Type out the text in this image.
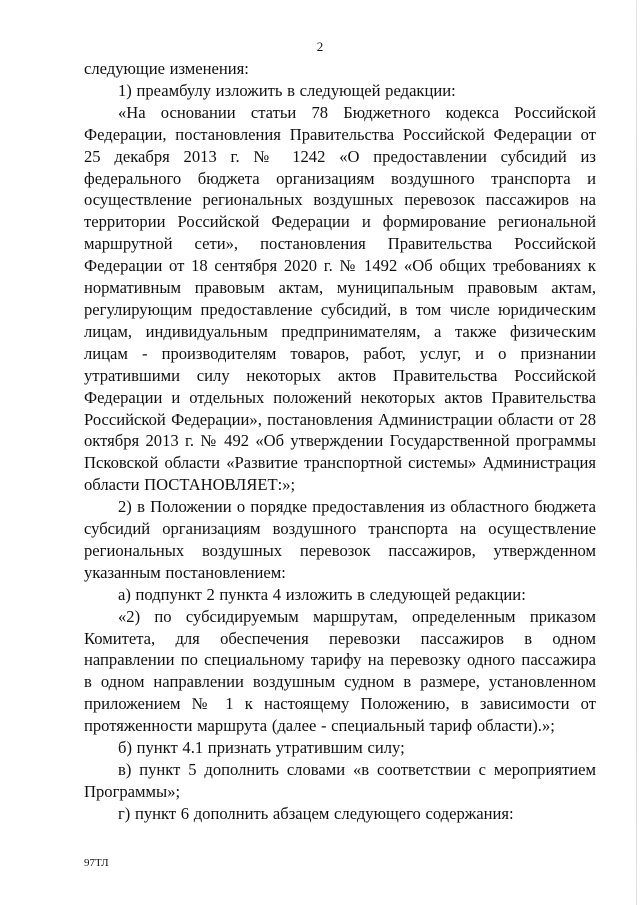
2

следующие изменения:

1) преамбулу изложить в следующей редакции:

«На основании статьи 78 Бюджетного кодекса Российской Федерации, постановления Правительства Российской Федерации от 25 декабря 2013 г. № 1242 «О предоставлении субсидий из федерального бюджета организациям воздушного транспорта и осуществление региональных воздушных перевозок пассажиров на территории Российской Федерации и формирование региональной маршрутной сети», постановления Правительства Российской Федерации от 18 сентября 2020 г. № 1492 «Об общих требованиях к нормативным правовым актам, муниципальным правовым актам, регулирующим предоставление субсидий, в том числе юридическим лицам, индивидуальным предпринимателям, а также физическим лицам - производителям товаров, работ, услуг, и о признании утратившими силу некоторых актов Правительства Российской Федерации и отдельных положений некоторых актов Правительства Российской Федерации», постановления Администрации области от 28 октября 2013 г. № 492 «Об утверждении Государственной программы Псковской области «Развитие транспортной системы» Администрация области ПОСТАНОВЛЯЕТ:»;

2) в Положении о порядке предоставления из областного бюджета субсидий организациям воздушного транспорта на осуществление региональных воздушных перевозок пассажиров, утвержденном указанным постановлением:

а) подпункт 2 пункта 4 изложить в следующей редакции:

«2) по субсидируемым маршрутам, определенным приказом Комитета, для обеспечения перевозки пассажиров в одном направлении по специальному тарифу на перевозку одного пассажира в одном направлении воздушным судном в размере, установленном приложением № 1 к настоящему Положению, в зависимости от протяженности маршрута (далее - специальный тариф области).»;

б) пункт 4.1 признать утратившим силу;

в) пункт 5 дополнить словами «в соответствии с мероприятием Программы»;

г) пункт 6 дополнить абзацем следующего содержания:

97ТЛ
